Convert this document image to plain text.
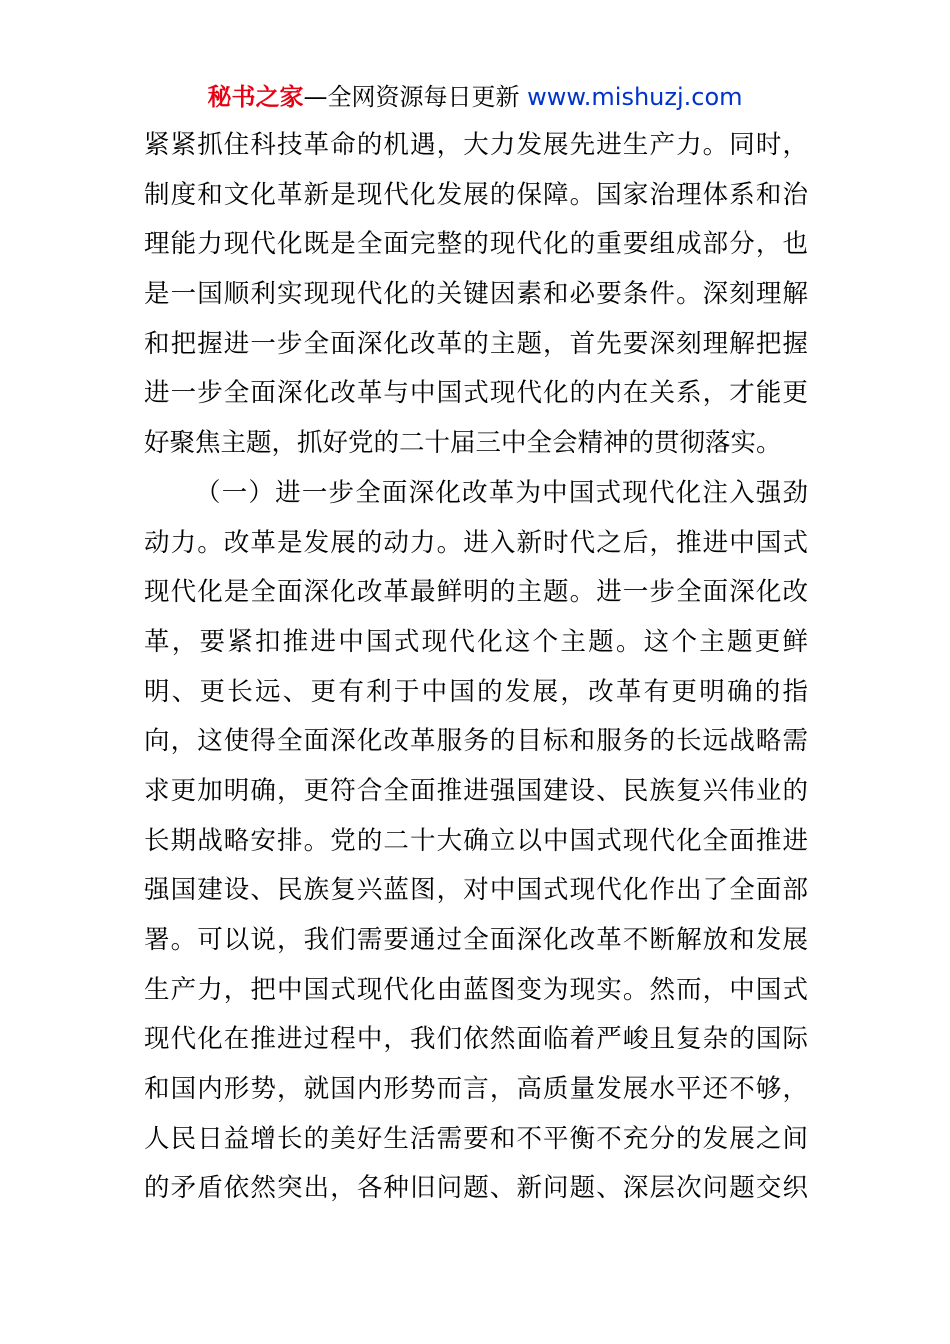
秘书之家—全网资源每日更新 www.mishuzj.com
紧紧抓住科技革命的机遇，大力发展先进生产力。同时，
制度和文化革新是现代化发展的保障。国家治理体系和治
理能力现代化既是全面完整的现代化的重要组成部分，也
是一国顺利实现现代化的关键因素和必要条件。深刻理解
和把握进一步全面深化改革的主题，首先要深刻理解把握
进一步全面深化改革与中国式现代化的内在关系，才能更
好聚焦主题，抓好党的二十届三中全会精神的贯彻落实。
（一）进一步全面深化改革为中国式现代化注入强劲
动力。改革是发展的动力。进入新时代之后，推进中国式
现代化是全面深化改革最鲜明的主题。进一步全面深化改
革，要紧扣推进中国式现代化这个主题。这个主题更鲜
明、更长远、更有利于中国的发展，改革有更明确的指
向，这使得全面深化改革服务的目标和服务的长远战略需
求更加明确，更符合全面推进强国建设、民族复兴伟业的
长期战略安排。党的二十大确立以中国式现代化全面推进
强国建设、民族复兴蓝图，对中国式现代化作出了全面部
署。可以说，我们需要通过全面深化改革不断解放和发展
生产力，把中国式现代化由蓝图变为现实。然而，中国式
现代化在推进过程中，我们依然面临着严峻且复杂的国际
和国内形势，就国内形势而言，高质量发展水平还不够，
人民日益增长的美好生活需要和不平衡不充分的发展之间
的矛盾依然突出，各种旧问题、新问题、深层次问题交织
